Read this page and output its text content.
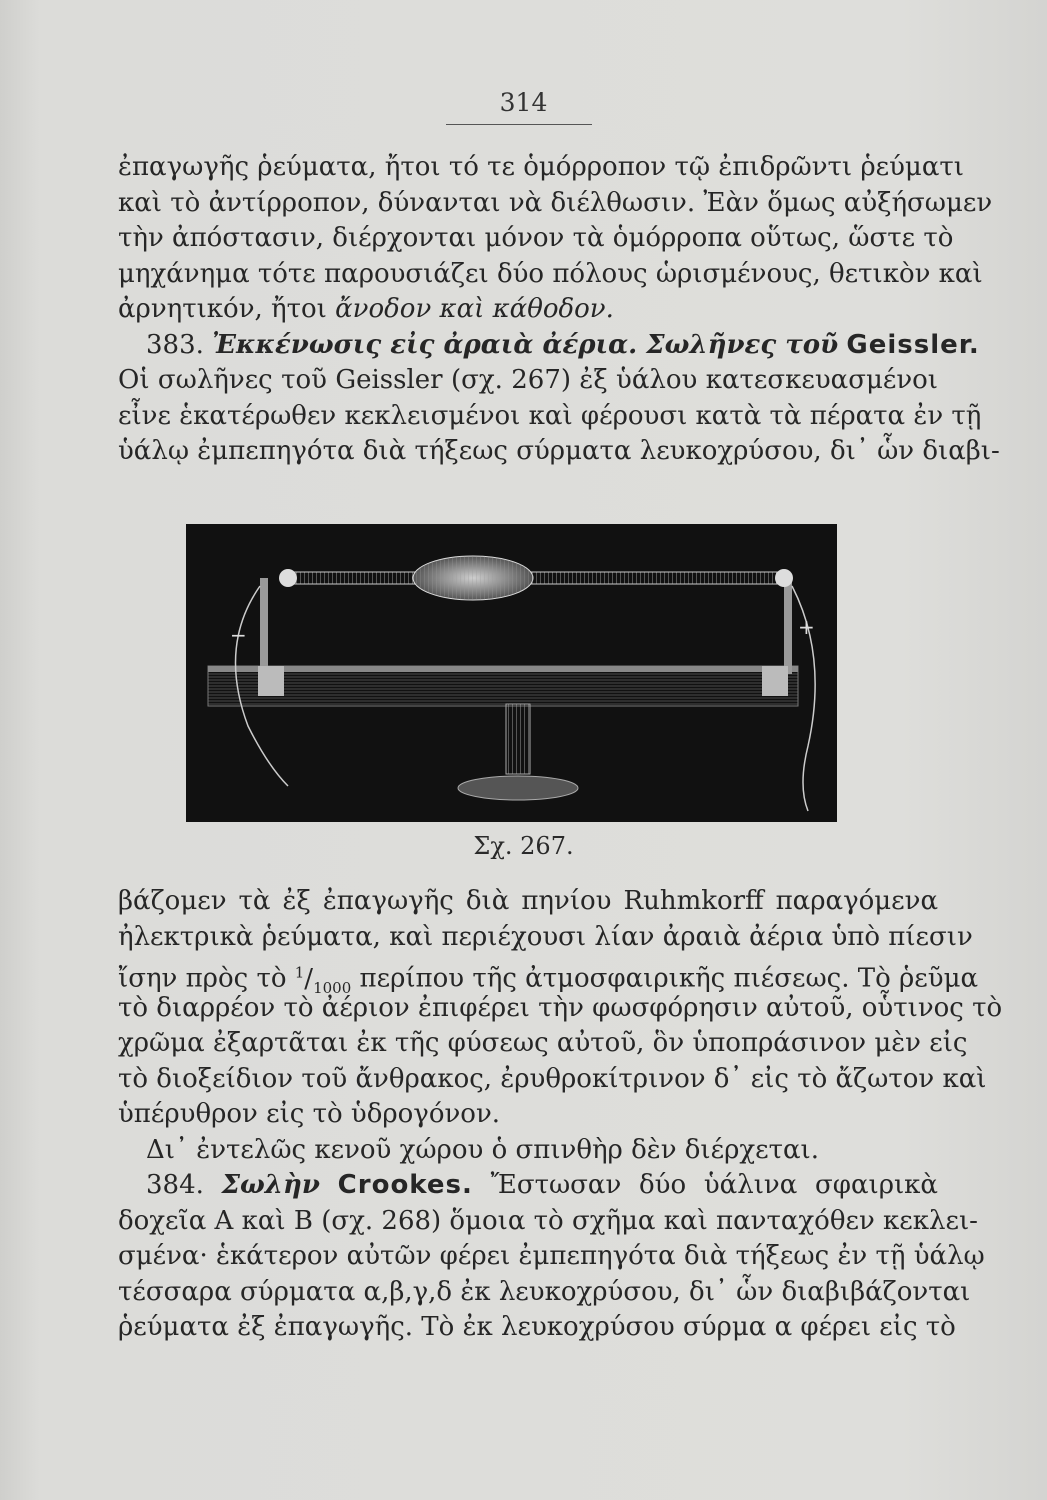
314
ἐπαγωγῆς ῥεύματα, ἤτοι τό τε ὁμόρροπον τῷ ἐπιδρῶντι ῥεύματι
καὶ τὸ ἀντίρροπον, δύνανται νὰ διέλθωσιν. Ἐὰν ὅμως αὐξήσωμεν
τὴν ἀπόστασιν, διέρχονται μόνον τὰ ὁμόρροπα οὕτως, ὥστε τὸ
μηχάνημα τότε παρουσιάζει δύο πόλους ὡρισμένους, θετικὸν καὶ
ἀρνητικόν, ἤτοι ἄνοδον καὶ κάθοδον.
383. Ἐκκένωσις εἰς ἀραιὰ ἀέρια. Σωλῆνες τοῦ Geissler.
Οἱ σωλῆνες τοῦ Geissler (σχ. 267) ἐξ ὑάλου κατεσκευασμένοι
εἶνε ἑκατέρωθεν κεκλεισμένοι καὶ φέρουσι κατὰ τὰ πέρατα ἐν τῇ
ὑάλῳ ἐμπεπηγότα διὰ τήξεως σύρματα λευκοχρύσου, δι᾽ ὧν διαβι-
−	+
Σχ. 267.
βάζομεν τὰ ἐξ ἐπαγωγῆς διὰ πηνίου Ruhmkorff παραγόμενα
ἠλεκτρικὰ ῥεύματα, καὶ περιέχουσι λίαν ἀραιὰ ἀέρια ὑπὸ πίεσιν
ἴσην πρὸς τὸ $^1/_{1000}$ περίπου τῆς ἀτμοσφαιρικῆς πιέσεως. Τὸ ῥεῦμα
τὸ διαρρέον τὸ ἀέριον ἐπιφέρει τὴν φωσφόρησιν αὐτοῦ, οὗτινος τὸ
χρῶμα ἐξαρτᾶται ἐκ τῆς φύσεως αὐτοῦ, ὃν ὑποπράσινον μὲν εἰς
τὸ διοξείδιον τοῦ ἄνθρακος, ἐρυθροκίτρινον δ᾽ εἰς τὸ ἄζωτον καὶ
ὑπέρυθρον εἰς τὸ ὑδρογόνον.
Δι᾽ ἐντελῶς κενοῦ χώρου ὁ σπινθὴρ δὲν διέρχεται.
384. Σωλὴν Crookes. Ἔστωσαν δύο ὑάλινα σφαιρικὰ
δοχεῖα Α καὶ Β (σχ. 268) ὅμοια τὸ σχῆμα καὶ πανταχόθεν κεκλει-
σμένα· ἑκάτερον αὐτῶν φέρει ἐμπεπηγότα διὰ τήξεως ἐν τῇ ὑάλῳ
τέσσαρα σύρματα α,β,γ,δ ἐκ λευκοχρύσου, δι᾽ ὧν διαβιβάζονται
ῥεύματα ἐξ ἐπαγωγῆς. Τὸ ἐκ λευκοχρύσου σύρμα α φέρει εἰς τὸ
